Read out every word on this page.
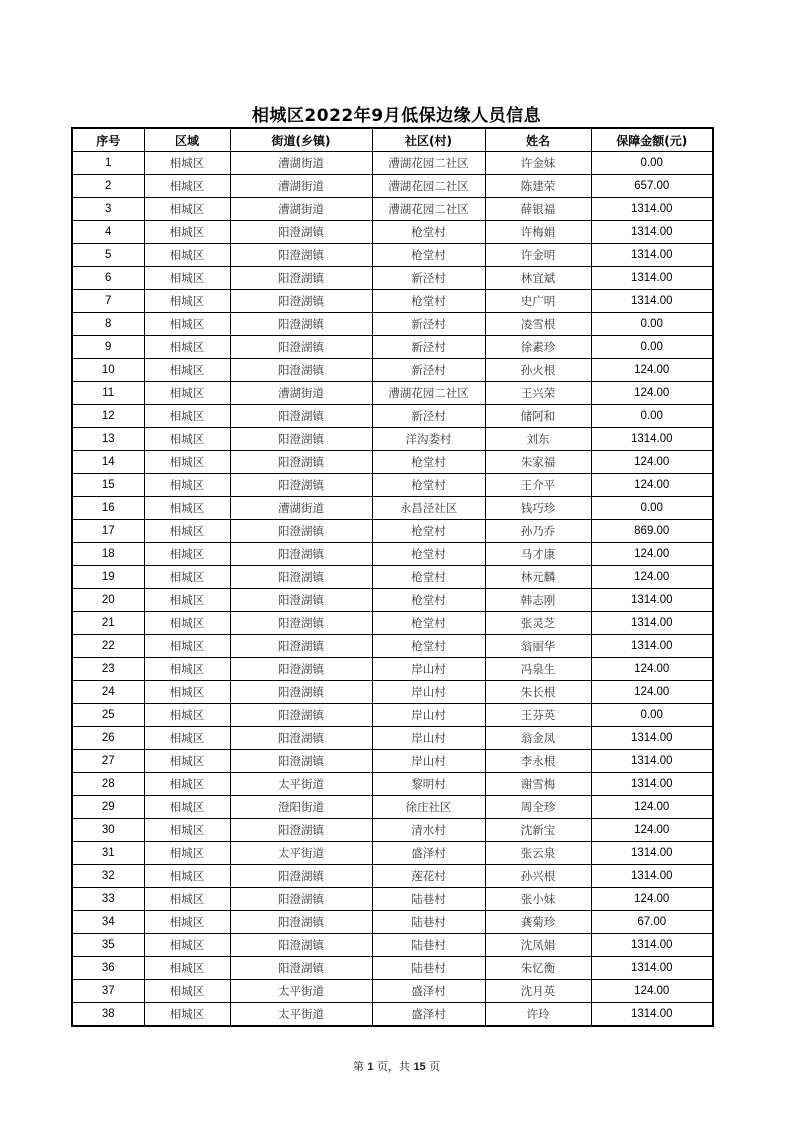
相城区2022年9月低保边缘人员信息
序号	区域	街道(乡镇)	社区(村)	姓名	保障金额(元)
1	相城区	漕湖街道	漕湖花园二社区	许金妹	0.00
2	相城区	漕湖街道	漕湖花园二社区	陈建荣	657.00
3	相城区	漕湖街道	漕湖花园二社区	薛银福	1314.00
4	相城区	阳澄湖镇	枪堂村	许梅娟	1314.00
5	相城区	阳澄湖镇	枪堂村	许金明	1314.00
6	相城区	阳澄湖镇	新泾村	林宜斌	1314.00
7	相城区	阳澄湖镇	枪堂村	史广明	1314.00
8	相城区	阳澄湖镇	新泾村	凌雪根	0.00
9	相城区	阳澄湖镇	新泾村	徐素珍	0.00
10	相城区	阳澄湖镇	新泾村	孙火根	124.00
11	相城区	漕湖街道	漕湖花园二社区	王兴荣	124.00
12	相城区	阳澄湖镇	新泾村	储阿和	0.00
13	相城区	阳澄湖镇	洋沟娄村	刘东	1314.00
14	相城区	阳澄湖镇	枪堂村	朱家福	124.00
15	相城区	阳澄湖镇	枪堂村	王介平	124.00
16	相城区	漕湖街道	永昌泾社区	钱巧珍	0.00
17	相城区	阳澄湖镇	枪堂村	孙乃乔	869.00
18	相城区	阳澄湖镇	枪堂村	马才康	124.00
19	相城区	阳澄湖镇	枪堂村	林元麟	124.00
20	相城区	阳澄湖镇	枪堂村	韩志刚	1314.00
21	相城区	阳澄湖镇	枪堂村	张灵芝	1314.00
22	相城区	阳澄湖镇	枪堂村	翁丽华	1314.00
23	相城区	阳澄湖镇	岸山村	冯泉生	124.00
24	相城区	阳澄湖镇	岸山村	朱长根	124.00
25	相城区	阳澄湖镇	岸山村	王芬英	0.00
26	相城区	阳澄湖镇	岸山村	翁金凤	1314.00
27	相城区	阳澄湖镇	岸山村	李永根	1314.00
28	相城区	太平街道	黎明村	谢雪梅	1314.00
29	相城区	澄阳街道	徐庄社区	周全珍	124.00
30	相城区	阳澄湖镇	清水村	沈新宝	124.00
31	相城区	太平街道	盛泽村	张云泉	1314.00
32	相城区	阳澄湖镇	莲花村	孙兴根	1314.00
33	相城区	阳澄湖镇	陆巷村	张小妹	124.00
34	相城区	阳澄湖镇	陆巷村	龚菊珍	67.00
35	相城区	阳澄湖镇	陆巷村	沈凤娟	1314.00
36	相城区	阳澄湖镇	陆巷村	朱忆衡	1314.00
37	相城区	太平街道	盛泽村	沈月英	124.00
38	相城区	太平街道	盛泽村	许玲	1314.00
第 1 页，共 15 页
